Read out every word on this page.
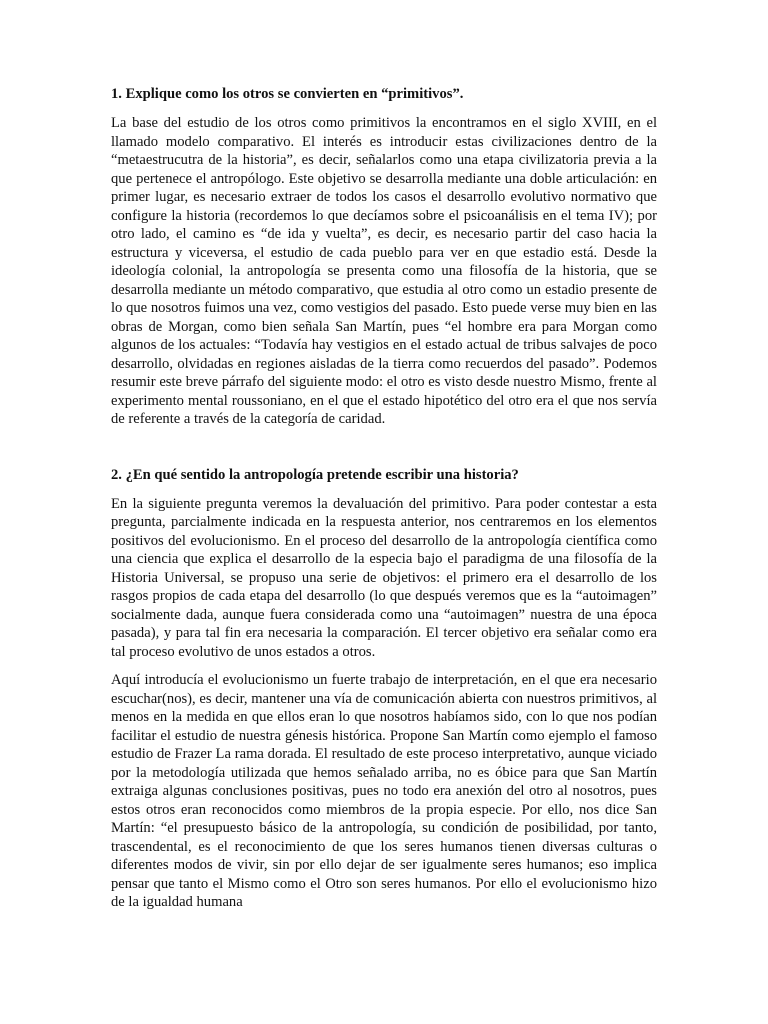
1. Explique como los otros se convierten en “primitivos”.

La base del estudio de los otros como primitivos la encontramos en el siglo XVIII, en el llamado modelo comparativo. El interés es introducir estas civilizaciones dentro de la “metaestrucutra de la historia”, es decir, señalarlos como una etapa civilizatoria previa a la que pertenece el antropólogo. Este objetivo se desarrolla mediante una doble articulación: en primer lugar, es necesario extraer de todos los casos el desarrollo evolutivo normativo que configure la historia (recordemos lo que decíamos sobre el psicoanálisis en el tema IV); por otro lado, el camino es “de ida y vuelta”, es decir, es necesario partir del caso hacia la estructura y viceversa, el estudio de cada pueblo para ver en que estadio está. Desde la ideología colonial, la antropología se presenta como una filosofía de la historia, que se desarrolla mediante un método comparativo, que estudia al otro como un estadio presente de lo que nosotros fuimos una vez, como vestigios del pasado. Esto puede verse muy bien en las obras de Morgan, como bien señala San Martín, pues “el hombre era para Morgan como algunos de los actuales: “Todavía hay vestigios en el estado actual de tribus salvajes de poco desarrollo, olvidadas en regiones aisladas de la tierra como recuerdos del pasado”. Podemos resumir este breve párrafo del siguiente modo: el otro es visto desde nuestro Mismo, frente al experimento mental roussoniano, en el que el estado hipotético del otro era el que nos servía de referente a través de la categoría de caridad.

2. ¿En qué sentido la antropología pretende escribir una historia?

En la siguiente pregunta veremos la devaluación del primitivo. Para poder contestar a esta pregunta, parcialmente indicada en la respuesta anterior, nos centraremos en los elementos positivos del evolucionismo. En el proceso del desarrollo de la antropología científica como una ciencia que explica el desarrollo de la especia bajo el paradigma de una filosofía de la Historia Universal, se propuso una serie de objetivos: el primero era el desarrollo de los rasgos propios de cada etapa del desarrollo (lo que después veremos que es la “autoimagen” socialmente dada, aunque fuera considerada como una “autoimagen” nuestra de una época pasada), y para tal fin era necesaria la comparación. El tercer objetivo era señalar como era tal proceso evolutivo de unos estados a otros.

Aquí introducía el evolucionismo un fuerte trabajo de interpretación, en el que era necesario escuchar(nos), es decir, mantener una vía de comunicación abierta con nuestros primitivos, al menos en la medida en que ellos eran lo que nosotros habíamos sido, con lo que nos podían facilitar el estudio de nuestra génesis histórica. Propone San Martín como ejemplo el famoso estudio de Frazer La rama dorada. El resultado de este proceso interpretativo, aunque viciado por la metodología utilizada que hemos señalado arriba, no es óbice para que San Martín extraiga algunas conclusiones positivas, pues no todo era anexión del otro al nosotros, pues estos otros eran reconocidos como miembros de la propia especie. Por ello, nos dice San Martín: “el presupuesto básico de la antropología, su condición de posibilidad, por tanto, trascendental, es el reconocimiento de que los seres humanos tienen diversas culturas o diferentes modos de vivir, sin por ello dejar de ser igualmente seres humanos; eso implica pensar que tanto el Mismo como el Otro son seres humanos. Por ello el evolucionismo hizo de la igualdad humana
